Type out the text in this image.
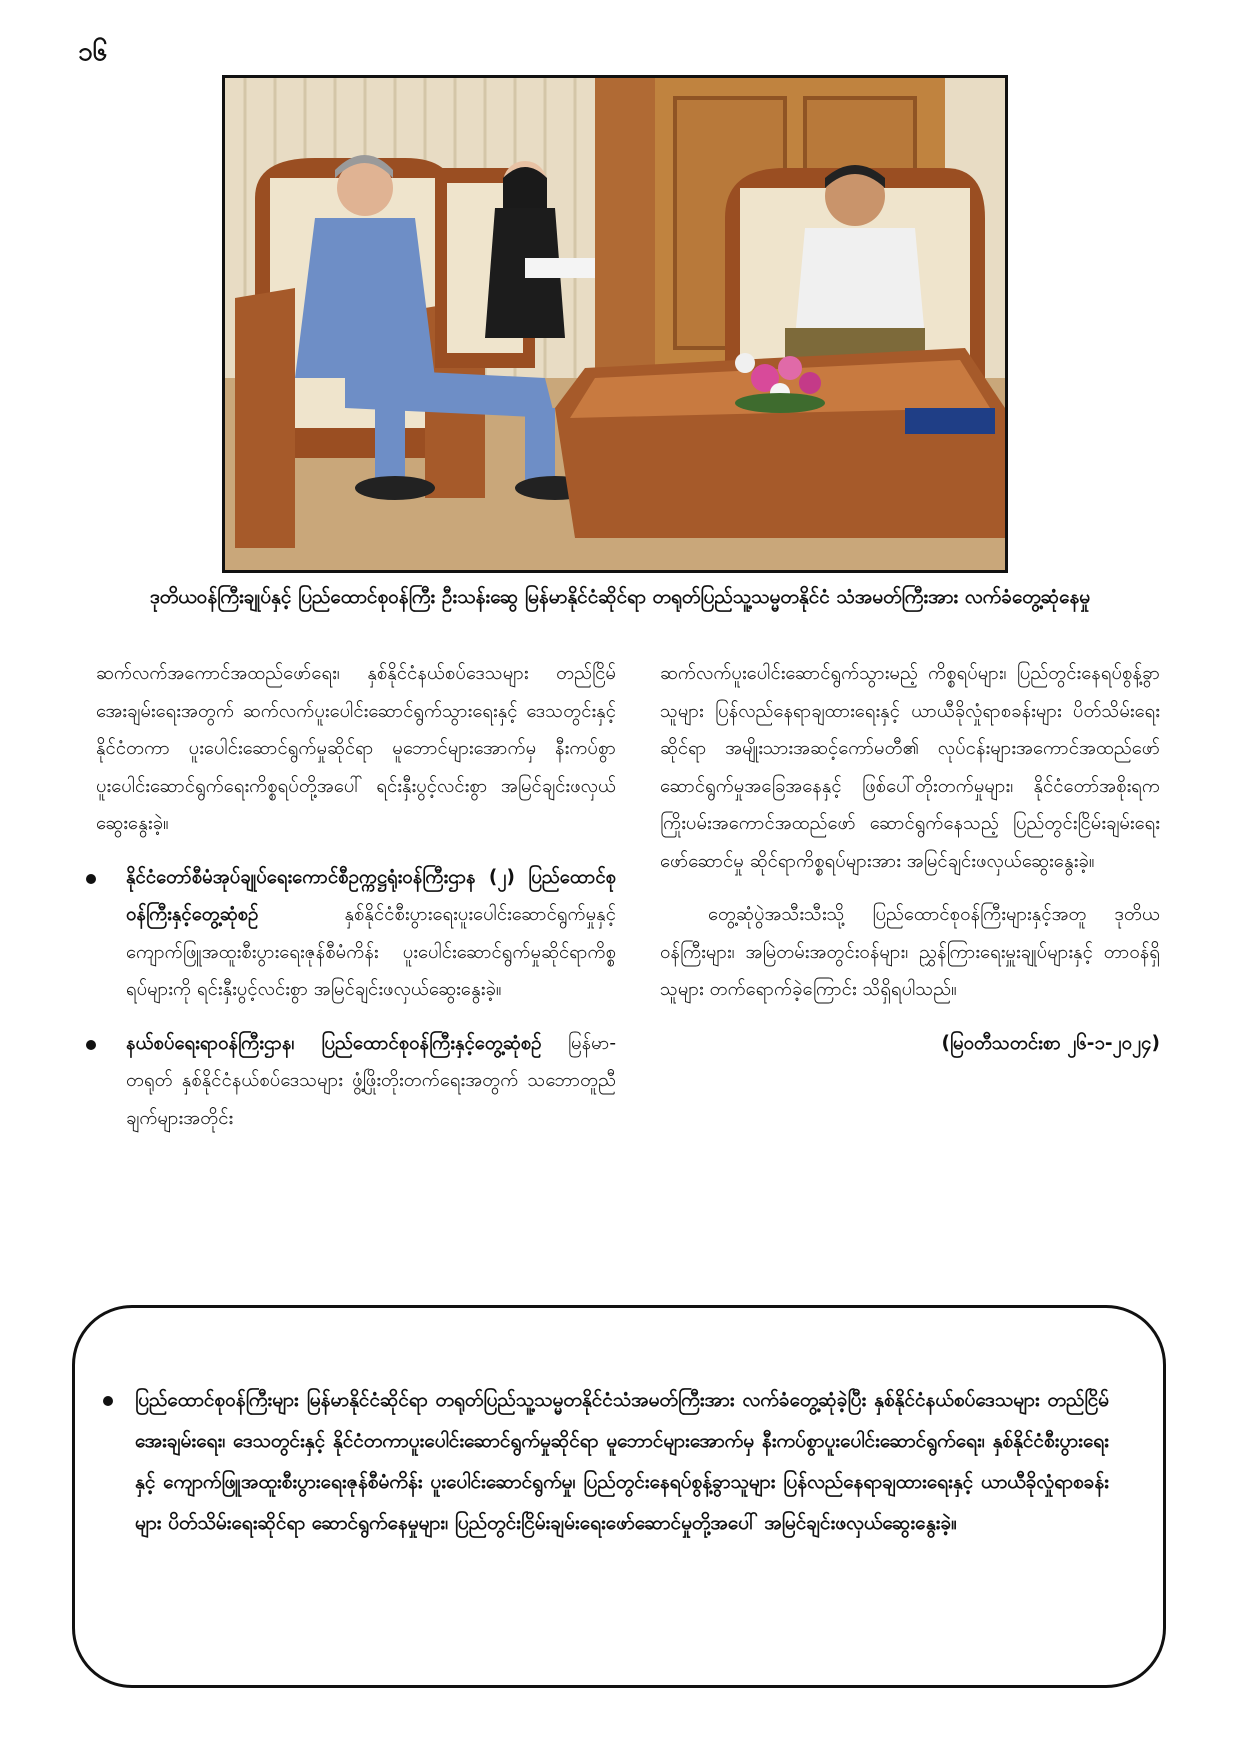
၁၆
ဒုတိယဝန်ကြီးချုပ်နှင့် ပြည်ထောင်စုဝန်ကြီး ဦးသန်းဆွေ မြန်မာနိုင်ငံဆိုင်ရာ တရုတ်ပြည်သူ့သမ္မတနိုင်ငံ သံအမတ်ကြီးအား လက်ခံတွေ့ဆုံနေမှု

ဆက်လက်အကောင်အထည်ဖော်ရေး၊ နှစ်နိုင်ငံနယ်စပ်ဒေသများ တည်ငြိမ်အေးချမ်းရေးအတွက် ဆက်လက်ပူးပေါင်းဆောင်ရွက်သွားရေးနှင့် ဒေသတွင်းနှင့် နိုင်ငံတကာ ပူးပေါင်းဆောင်ရွက်မှုဆိုင်ရာ မူဘောင်များအောက်မှ နီးကပ်စွာ ပူးပေါင်းဆောင်ရွက်ရေးကိစ္စရပ်တို့အပေါ် ရင်းနှီးပွင့်လင်းစွာ အမြင်ချင်းဖလှယ်ဆွေးနွေးခဲ့။

နိုင်ငံတော်စီမံအုပ်ချုပ်ရေးကောင်စီဥက္ကဋ္ဌရုံးဝန်ကြီးဌာန (၂) ပြည်ထောင်စုဝန်ကြီးနှင့်တွေ့ဆုံစဉ် နှစ်နိုင်ငံစီးပွားရေးပူးပေါင်းဆောင်ရွက်မှုနှင့် ကျောက်ဖြူအထူးစီးပွားရေးဇုန်စီမံကိန်း ပူးပေါင်းဆောင်ရွက်မှုဆိုင်ရာကိစ္စရပ်များကို ရင်းနှီးပွင့်လင်းစွာ အမြင်ချင်းဖလှယ်ဆွေးနွေးခဲ့။
နယ်စပ်ရေးရာဝန်ကြီးဌာန၊ ပြည်ထောင်စုဝန်ကြီးနှင့်တွေ့ဆုံစဉ် မြန်မာ- တရုတ် နှစ်နိုင်ငံနယ်စပ်ဒေသများ ဖွံ့ဖြိုးတိုးတက်ရေးအတွက် သဘောတူညီချက်များအတိုင်း

ဆက်လက်ပူးပေါင်းဆောင်ရွက်သွားမည့် ကိစ္စရပ်များ၊ ပြည်တွင်းနေရပ်စွန့်ခွာသူများ ပြန်လည်နေရာချထားရေးနှင့် ယာယီခိုလှုံရာစခန်းများ ပိတ်သိမ်းရေးဆိုင်ရာ အမျိုးသားအဆင့်ကော်မတီ၏ လုပ်ငန်းများအကောင်အထည်ဖော် ဆောင်ရွက်မှုအခြေအနေနှင့် ဖြစ်ပေါ်တိုးတက်မှုများ၊ နိုင်ငံတော်အစိုးရက ကြိုးပမ်းအကောင်အထည်ဖော် ဆောင်ရွက်နေသည့် ပြည်တွင်းငြိမ်းချမ်းရေးဖော်ဆောင်မှု ဆိုင်ရာကိစ္စရပ်များအား အမြင်ချင်းဖလှယ်ဆွေးနွေးခဲ့။

တွေ့ဆုံပွဲအသီးသီးသို့ ပြည်ထောင်စုဝန်ကြီးများနှင့်အတူ ဒုတိယဝန်ကြီးများ၊ အမြဲတမ်းအတွင်းဝန်များ၊ ညွှန်ကြားရေးမှူးချုပ်များနှင့် တာဝန်ရှိသူများ တက်ရောက်ခဲ့ကြောင်း သိရှိရပါသည်။

(မြဝတီသတင်းစာ ၂၆-၁-၂၀၂၄)
ပြည်ထောင်စုဝန်ကြီးများ မြန်မာနိုင်ငံဆိုင်ရာ တရုတ်ပြည်သူ့သမ္မတနိုင်ငံသံအမတ်ကြီးအား လက်ခံတွေ့ဆုံခဲ့ပြီး နှစ်နိုင်ငံနယ်စပ်ဒေသများ တည်ငြိမ်အေးချမ်းရေး၊ ဒေသတွင်းနှင့် နိုင်ငံတကာပူးပေါင်းဆောင်ရွက်မှုဆိုင်ရာ မူဘောင်များအောက်မှ နီးကပ်စွာပူးပေါင်းဆောင်ရွက်ရေး၊ နှစ်နိုင်ငံစီးပွားရေးနှင့် ကျောက်ဖြူအထူးစီးပွားရေးဇုန်စီမံကိန်း ပူးပေါင်းဆောင်ရွက်မှု၊ ပြည်တွင်းနေရပ်စွန့်ခွာသူများ ပြန်လည်နေရာချထားရေးနှင့် ယာယီခိုလှုံရာစခန်းများ ပိတ်သိမ်းရေးဆိုင်ရာ ဆောင်ရွက်နေမှုများ၊ ပြည်တွင်းငြိမ်းချမ်းရေးဖော်ဆောင်မှုတို့အပေါ် အမြင်ချင်းဖလှယ်ဆွေးနွေးခဲ့။
